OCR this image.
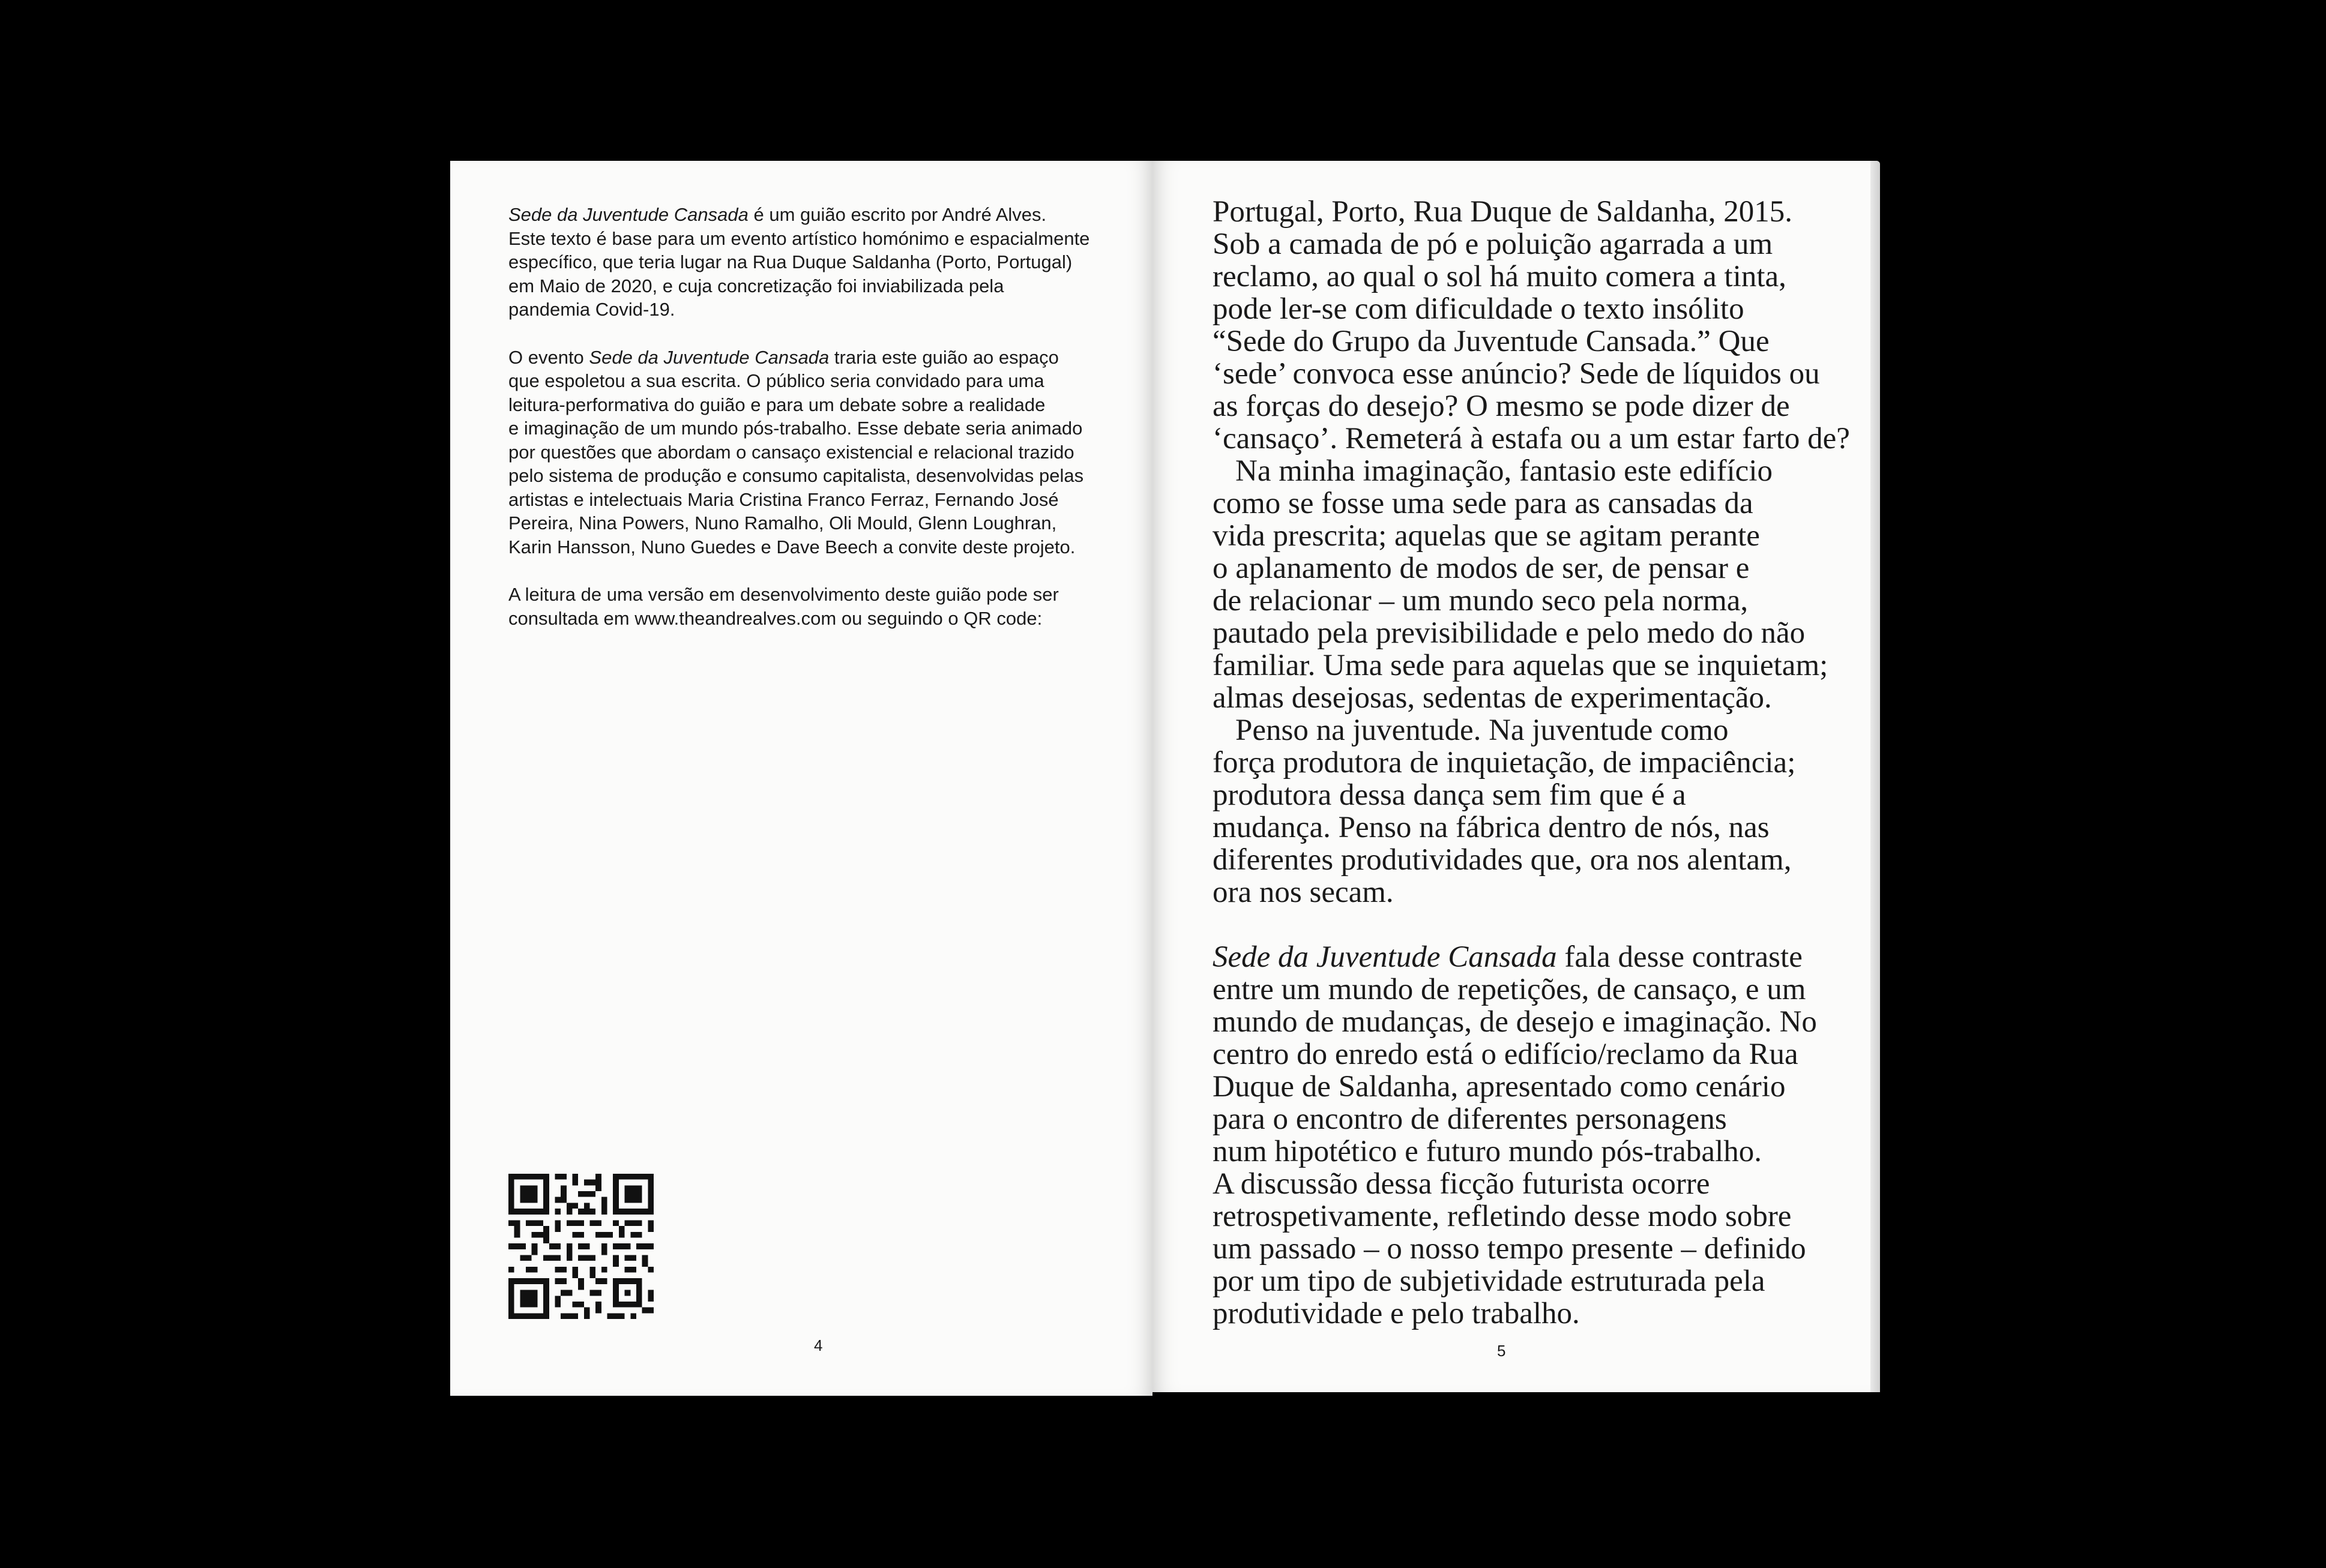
Sede da Juventude Cansada é um guião escrito por André Alves.
Este texto é base para um evento artístico homónimo e espacialmente
específico, que teria lugar na Rua Duque Saldanha (Porto, Portugal)
em Maio de 2020, e cuja concretização foi inviabilizada pela
pandemia Covid-19.

O evento Sede da Juventude Cansada traria este guião ao espaço
que espoletou a sua escrita. O público seria convidado para uma
leitura-performativa do guião e para um debate sobre a realidade
e imaginação de um mundo pós-trabalho. Esse debate seria animado
por questões que abordam o cansaço existencial e relacional trazido
pelo sistema de produção e consumo capitalista, desenvolvidas pelas
artistas e intelectuais Maria Cristina Franco Ferraz, Fernando José
Pereira, Nina Powers, Nuno Ramalho, Oli Mould, Glenn Loughran,
Karin Hansson, Nuno Guedes e Dave Beech a convite deste projeto.

A leitura de uma versão em desenvolvimento deste guião pode ser
consultada em www.theandrealves.com ou seguindo o QR code:

4
Portugal, Porto, Rua Duque de Saldanha, 2015.
Sob a camada de pó e poluição agarrada a um
reclamo, ao qual o sol há muito comera a tinta,
pode ler-se com dificuldade o texto insólito
“Sede do Grupo da Juventude Cansada.” Que
‘sede’ convoca esse anúncio? Sede de líquidos ou
as forças do desejo? O mesmo se pode dizer de
‘cansaço’. Remeterá à estafa ou a um estar farto de?
Na minha imaginação, fantasio este edifício
como se fosse uma sede para as cansadas da
vida prescrita; aquelas que se agitam perante
o aplanamento de modos de ser, de pensar e
de relacionar – um mundo seco pela norma,
pautado pela previsibilidade e pelo medo do não
familiar. Uma sede para aquelas que se inquietam;
almas desejosas, sedentas de experimentação.
Penso na juventude. Na juventude como
força produtora de inquietação, de impaciência;
produtora dessa dança sem fim que é a
mudança. Penso na fábrica dentro de nós, nas
diferentes produtividades que, ora nos alentam,
ora nos secam.
Sede da Juventude Cansada fala desse contraste
entre um mundo de repetições, de cansaço, e um
mundo de mudanças, de desejo e imaginação. No
centro do enredo está o edifício/reclamo da Rua
Duque de Saldanha, apresentado como cenário
para o encontro de diferentes personagens
num hipotético e futuro mundo pós-trabalho.
A discussão dessa ficção futurista ocorre
retrospetivamente, refletindo desse modo sobre
um passado – o nosso tempo presente – definido
por um tipo de subjetividade estruturada pela
produtividade e pelo trabalho.
5
